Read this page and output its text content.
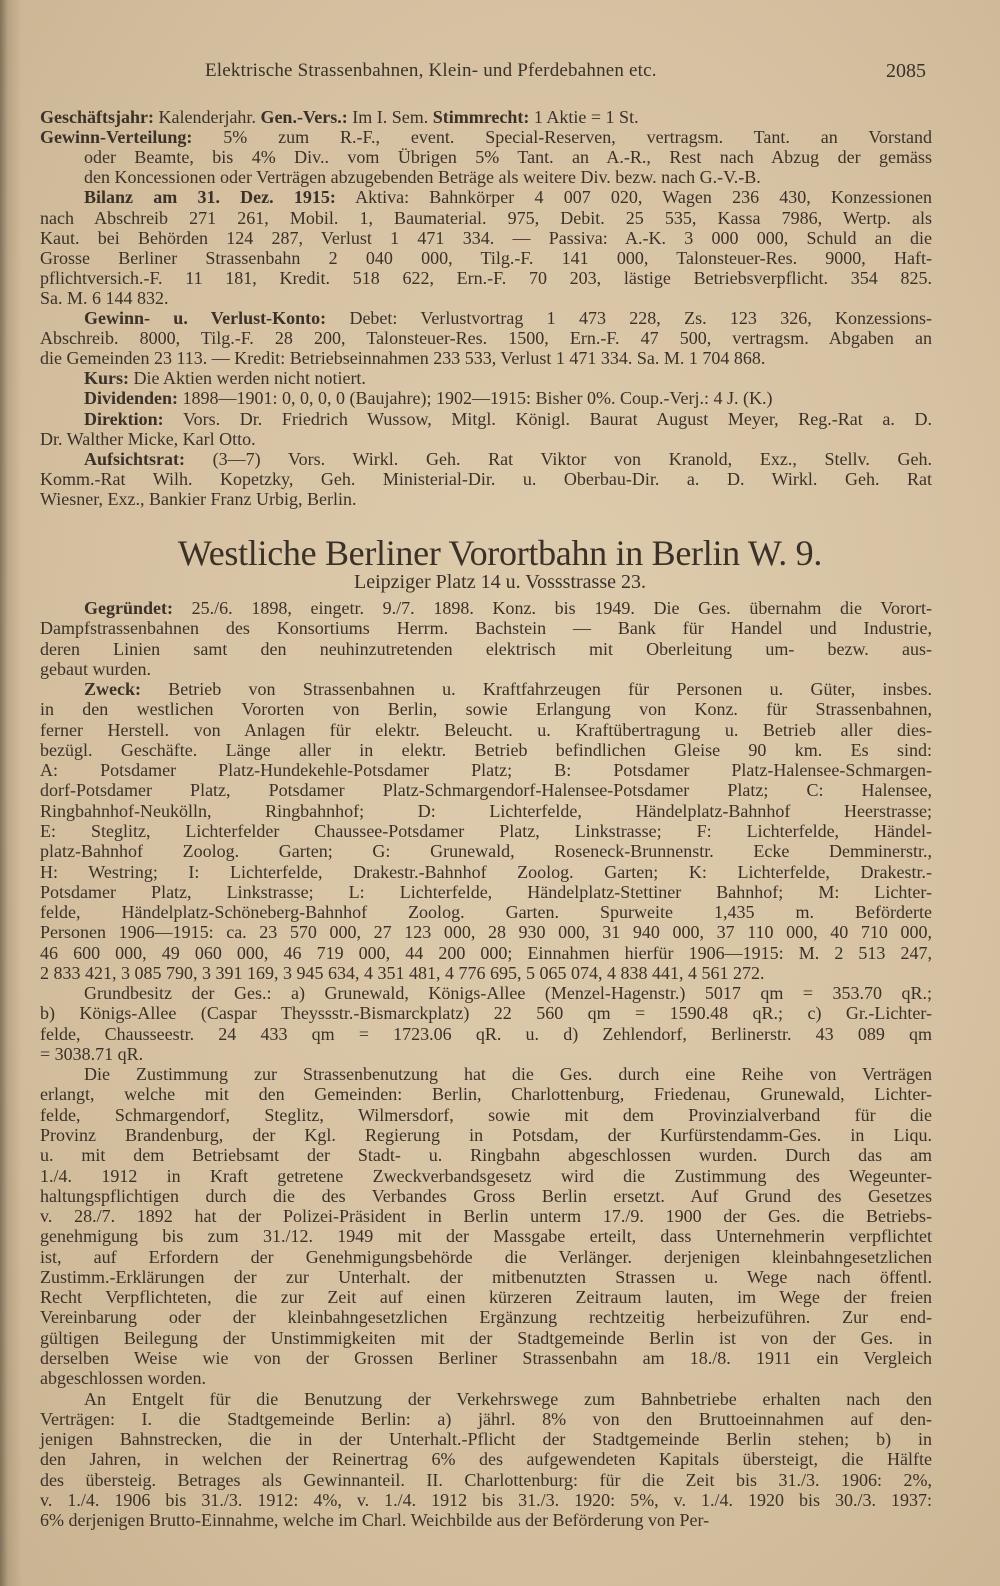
Elektrische Strassenbahnen, Klein- und Pferdebahnen etc.	2085
Geschäftsjahr: Kalenderjahr. Gen.-Vers.: Im I. Sem. Stimmrecht: 1 Aktie = 1 St.
Gewinn-Verteilung: 5% zum R.-F., event. Special-Reserven, vertragsm. Tant. an Vorstand
oder Beamte, bis 4% Div.. vom Übrigen 5% Tant. an A.-R., Rest nach Abzug der gemäss
den Koncessionen oder Verträgen abzugebenden Beträge als weitere Div. bezw. nach G.-V.-B.
Bilanz am 31. Dez. 1915: Aktiva: Bahnkörper 4 007 020, Wagen 236 430, Konzessionen
nach Abschreib 271 261, Mobil. 1, Baumaterial. 975, Debit. 25 535, Kassa 7986, Wertp. als
Kaut. bei Behörden 124 287, Verlust 1 471 334. — Passiva: A.-K. 3 000 000, Schuld an die
Grosse Berliner Strassenbahn 2 040 000, Tilg.-F. 141 000, Talonsteuer-Res. 9000, Haft-
pflichtversich.-F. 11 181, Kredit. 518 622, Ern.-F. 70 203, lästige Betriebsverpflicht. 354 825.
Sa. M. 6 144 832.
Gewinn- u. Verlust-Konto: Debet: Verlustvortrag 1 473 228, Zs. 123 326, Konzessions-
Abschreib. 8000, Tilg.-F. 28 200, Talonsteuer-Res. 1500, Ern.-F. 47 500, vertragsm. Abgaben an
die Gemeinden 23 113. — Kredit: Betriebseinnahmen 233 533, Verlust 1 471 334. Sa. M. 1 704 868.
Kurs: Die Aktien werden nicht notiert.
Dividenden: 1898—1901: 0, 0, 0, 0 (Baujahre); 1902—1915: Bisher 0%. Coup.-Verj.: 4 J. (K.)
Direktion: Vors. Dr. Friedrich Wussow, Mitgl. Königl. Baurat August Meyer, Reg.-Rat a. D.
Dr. Walther Micke, Karl Otto.
Aufsichtsrat: (3—7) Vors. Wirkl. Geh. Rat Viktor von Kranold, Exz., Stellv. Geh.
Komm.-Rat Wilh. Kopetzky, Geh. Ministerial-Dir. u. Oberbau-Dir. a. D. Wirkl. Geh. Rat
Wiesner, Exz., Bankier Franz Urbig, Berlin.
Westliche Berliner Vorortbahn in Berlin W. 9.
Leipziger Platz 14 u. Vossstrasse 23.
Gegründet: 25./6. 1898, eingetr. 9./7. 1898. Konz. bis 1949. Die Ges. übernahm die Vorort-
Dampfstrassenbahnen des Konsortiums Herrm. Bachstein — Bank für Handel und Industrie,
deren Linien samt den neuhinzutretenden elektrisch mit Oberleitung um- bezw. aus-
gebaut wurden.
Zweck: Betrieb von Strassenbahnen u. Kraftfahrzeugen für Personen u. Güter, insbes.
in den westlichen Vororten von Berlin, sowie Erlangung von Konz. für Strassenbahnen,
ferner Herstell. von Anlagen für elektr. Beleucht. u. Kraftübertragung u. Betrieb aller dies-
bezügl. Geschäfte. Länge aller in elektr. Betrieb befindlichen Gleise 90 km. Es sind:
A: Potsdamer Platz-Hundekehle-Potsdamer Platz; B: Potsdamer Platz-Halensee-Schmargen-
dorf-Potsdamer Platz, Potsdamer Platz-Schmargendorf-Halensee-Potsdamer Platz; C: Halensee,
Ringbahnhof-Neukölln, Ringbahnhof; D: Lichterfelde, Händelplatz-Bahnhof Heerstrasse;
E: Steglitz, Lichterfelder Chaussee-Potsdamer Platz, Linkstrasse; F: Lichterfelde, Händel-
platz-Bahnhof Zoolog. Garten; G: Grunewald, Roseneck-Brunnenstr. Ecke Demminerstr.,
H: Westring; I: Lichterfelde, Drakestr.-Bahnhof Zoolog. Garten; K: Lichterfelde, Drakestr.-
Potsdamer Platz, Linkstrasse; L: Lichterfelde, Händelplatz-Stettiner Bahnhof; M: Lichter-
felde, Händelplatz-Schöneberg-Bahnhof Zoolog. Garten. Spurweite 1,435 m. Beförderte
Personen 1906—1915: ca. 23 570 000, 27 123 000, 28 930 000, 31 940 000, 37 110 000, 40 710 000,
46 600 000, 49 060 000, 46 719 000, 44 200 000; Einnahmen hierfür 1906—1915: M. 2 513 247,
2 833 421, 3 085 790, 3 391 169, 3 945 634, 4 351 481, 4 776 695, 5 065 074, 4 838 441, 4 561 272.
Grundbesitz der Ges.: a) Grunewald, Königs-Allee (Menzel-Hagenstr.) 5017 qm = 353.70 qR.;
b) Königs-Allee (Caspar Theyssstr.-Bismarckplatz) 22 560 qm = 1590.48 qR.; c) Gr.-Lichter-
felde, Chausseestr. 24 433 qm = 1723.06 qR. u. d) Zehlendorf, Berlinerstr. 43 089 qm
= 3038.71 qR.
Die Zustimmung zur Strassenbenutzung hat die Ges. durch eine Reihe von Verträgen
erlangt, welche mit den Gemeinden: Berlin, Charlottenburg, Friedenau, Grunewald, Lichter-
felde, Schmargendorf, Steglitz, Wilmersdorf, sowie mit dem Provinzialverband für die
Provinz Brandenburg, der Kgl. Regierung in Potsdam, der Kurfürstendamm-Ges. in Liqu.
u. mit dem Betriebsamt der Stadt- u. Ringbahn abgeschlossen wurden. Durch das am
1./4. 1912 in Kraft getretene Zweckverbandsgesetz wird die Zustimmung des Wegeunter-
haltungspflichtigen durch die des Verbandes Gross Berlin ersetzt. Auf Grund des Gesetzes
v. 28./7. 1892 hat der Polizei-Präsident in Berlin unterm 17./9. 1900 der Ges. die Betriebs-
genehmigung bis zum 31./12. 1949 mit der Massgabe erteilt, dass Unternehmerin verpflichtet
ist, auf Erfordern der Genehmigungsbehörde die Verlänger. derjenigen kleinbahngesetzlichen
Zustimm.-Erklärungen der zur Unterhalt. der mitbenutzten Strassen u. Wege nach öffentl.
Recht Verpflichteten, die zur Zeit auf einen kürzeren Zeitraum lauten, im Wege der freien
Vereinbarung oder der kleinbahngesetzlichen Ergänzung rechtzeitig herbeizuführen. Zur end-
gültigen Beilegung der Unstimmigkeiten mit der Stadtgemeinde Berlin ist von der Ges. in
derselben Weise wie von der Grossen Berliner Strassenbahn am 18./8. 1911 ein Vergleich
abgeschlossen worden.
An Entgelt für die Benutzung der Verkehrswege zum Bahnbetriebe erhalten nach den
Verträgen: I. die Stadtgemeinde Berlin: a) jährl. 8% von den Bruttoeinnahmen auf den-
jenigen Bahnstrecken, die in der Unterhalt.-Pflicht der Stadtgemeinde Berlin stehen; b) in
den Jahren, in welchen der Reinertrag 6% des aufgewendeten Kapitals übersteigt, die Hälfte
des übersteig. Betrages als Gewinnanteil. II. Charlottenburg: für die Zeit bis 31./3. 1906: 2%,
v. 1./4. 1906 bis 31./3. 1912: 4%, v. 1./4. 1912 bis 31./3. 1920: 5%, v. 1./4. 1920 bis 30./3. 1937:
6% derjenigen Brutto-Einnahme, welche im Charl. Weichbilde aus der Beförderung von Per-
